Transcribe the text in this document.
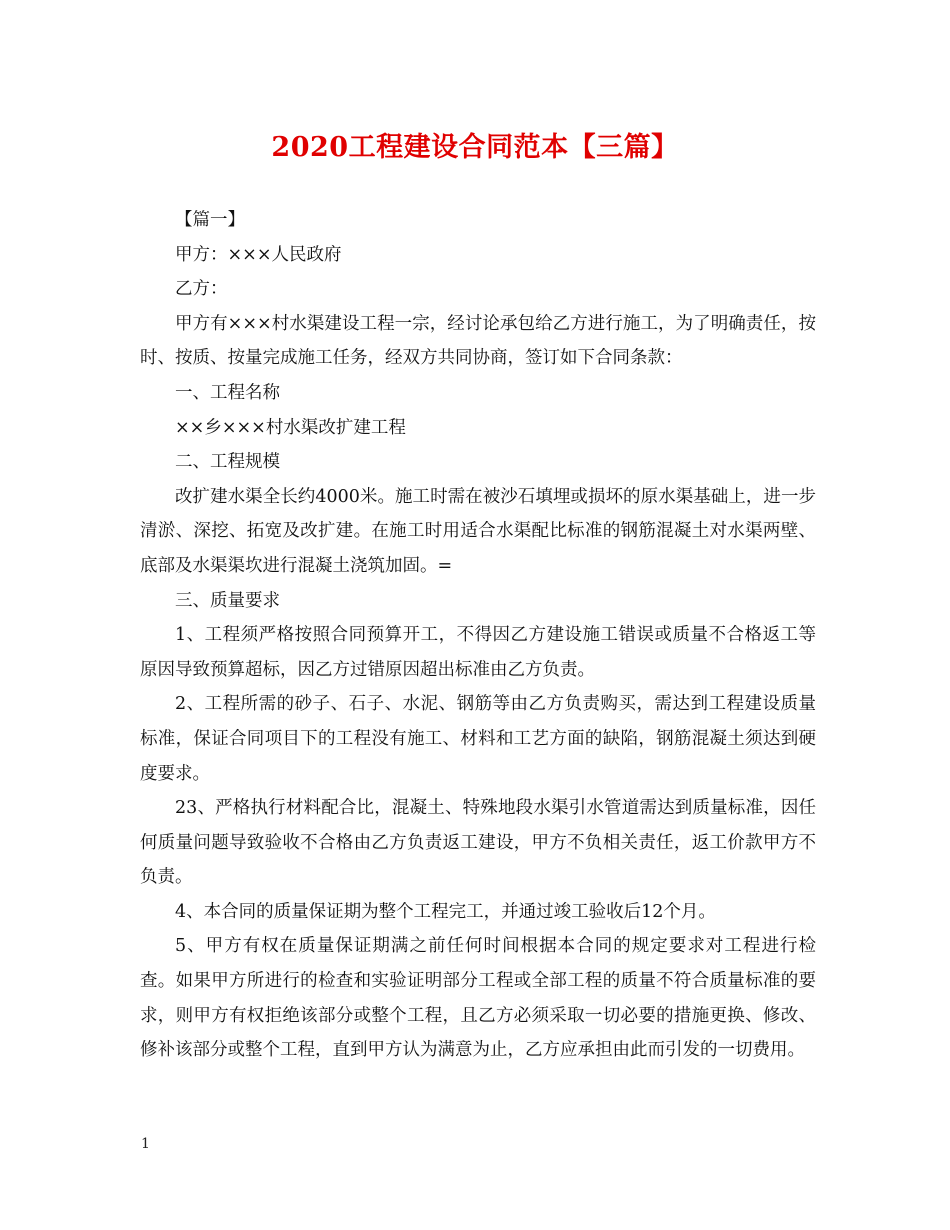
2020工程建设合同范本【三篇】

【篇一】

甲方：×××人民政府

乙方：

甲方有×××村水渠建设工程一宗，经讨论承包给乙方进行施工，为了明确责任，按时、按质、按量完成施工任务，经双方共同协商，签订如下合同条款：

一、工程名称

××乡×××村水渠改扩建工程

二、工程规模

改扩建水渠全长约4000米。施工时需在被沙石填埋或损坏的原水渠基础上，进一步清淤、深挖、拓宽及改扩建。在施工时用适合水渠配比标准的钢筋混凝土对水渠两壁、底部及水渠渠坎进行混凝土浇筑加固。=

三、质量要求

1、工程须严格按照合同预算开工，不得因乙方建设施工错误或质量不合格返工等原因导致预算超标，因乙方过错原因超出标准由乙方负责。

2、工程所需的砂子、石子、水泥、钢筋等由乙方负责购买，需达到工程建设质量标准，保证合同项目下的工程没有施工、材料和工艺方面的缺陷，钢筋混凝土须达到硬度要求。

23、严格执行材料配合比，混凝土、特殊地段水渠引水管道需达到质量标准，因任何质量问题导致验收不合格由乙方负责返工建设，甲方不负相关责任，返工价款甲方不负责。

4、本合同的质量保证期为整个工程完工，并通过竣工验收后12个月。

5、甲方有权在质量保证期满之前任何时间根据本合同的规定要求对工程进行检查。如果甲方所进行的检查和实验证明部分工程或全部工程的质量不符合质量标准的要求，则甲方有权拒绝该部分或整个工程，且乙方必须采取一切必要的措施更换、修改、修补该部分或整个工程，直到甲方认为满意为止，乙方应承担由此而引发的一切费用。

1
